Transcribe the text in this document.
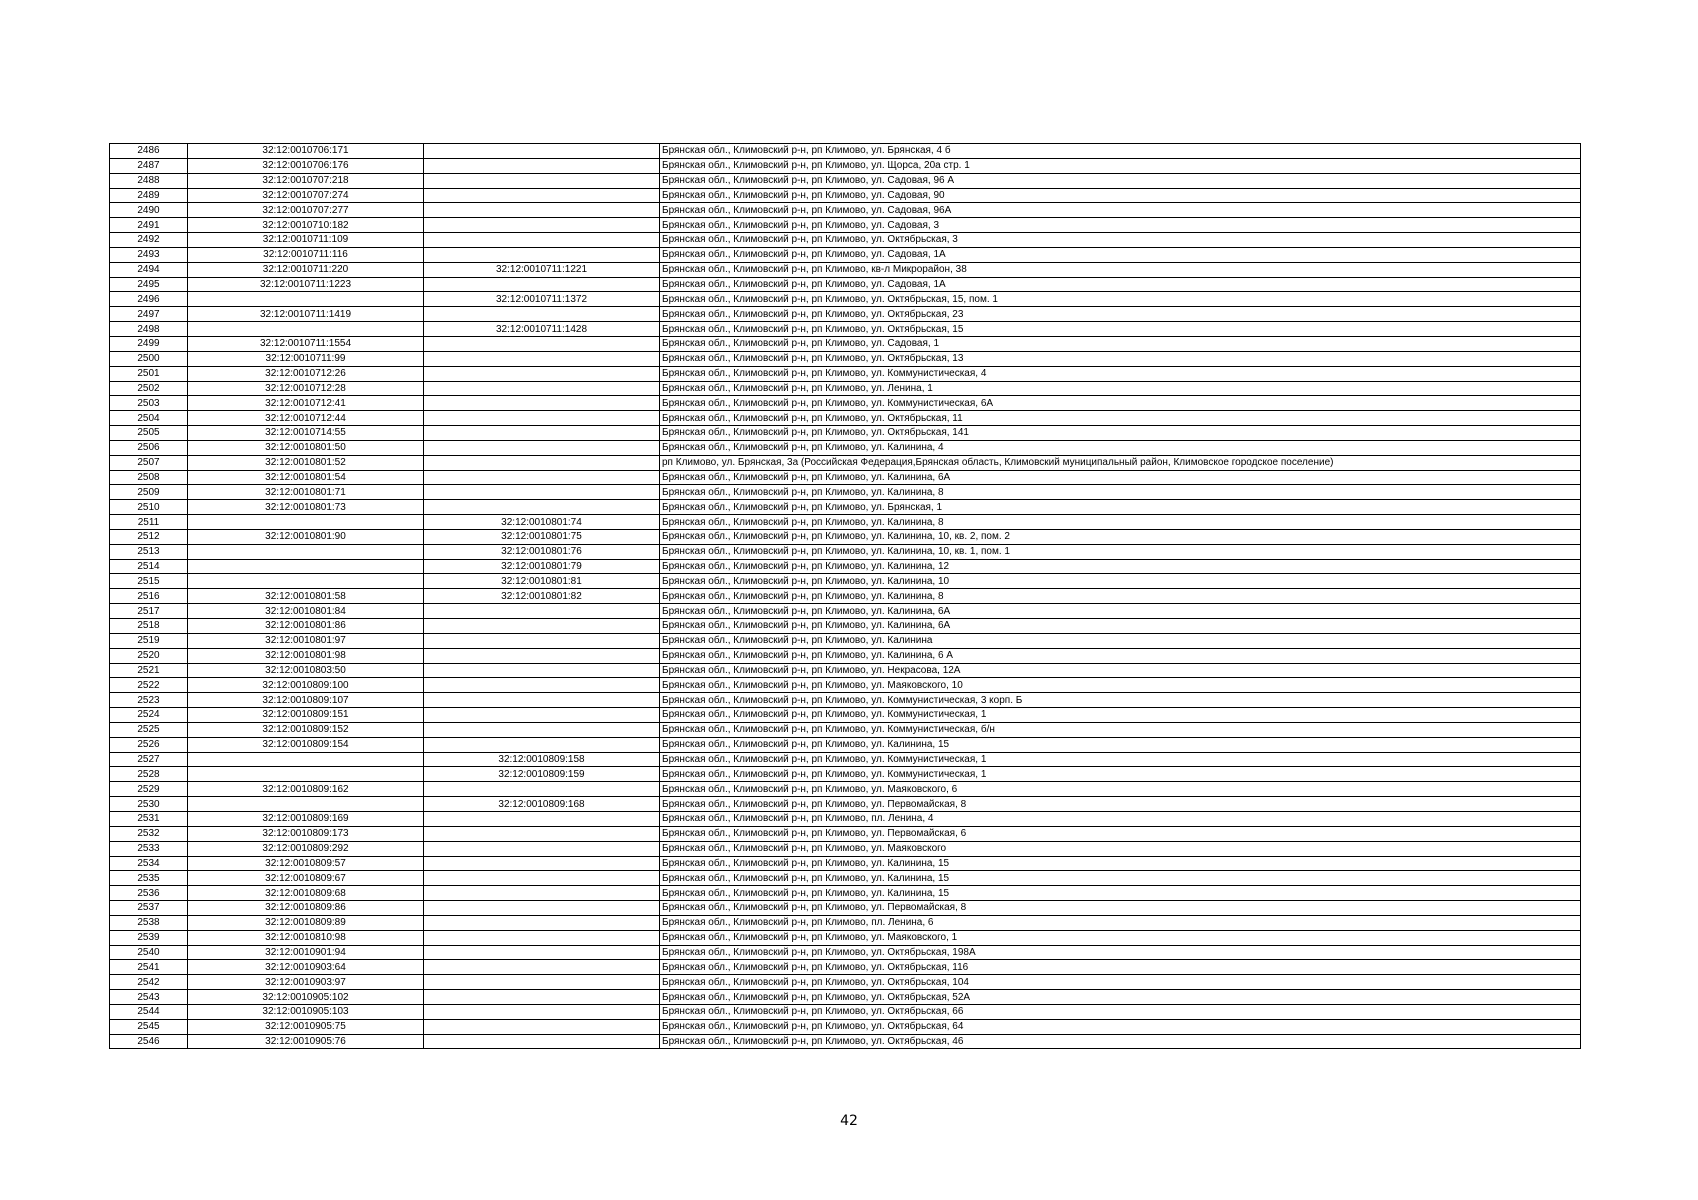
2486	32:12:0010706:171		Брянская обл., Климовский р-н, рп Климово, ул. Брянская, 4 б
2487	32:12:0010706:176		Брянская обл., Климовский р-н, рп Климово, ул. Щорса, 20а стр. 1
2488	32:12:0010707:218		Брянская обл., Климовский р-н, рп Климово, ул. Садовая, 96 А
2489	32:12:0010707:274		Брянская обл., Климовский р-н, рп Климово, ул. Садовая, 90
2490	32:12:0010707:277		Брянская обл., Климовский р-н, рп Климово, ул. Садовая, 96А
2491	32:12:0010710:182		Брянская обл., Климовский р-н, рп Климово, ул. Садовая, 3
2492	32:12:0010711:109		Брянская обл., Климовский р-н, рп Климово, ул. Октябрьская, 3
2493	32:12:0010711:116		Брянская обл., Климовский р-н, рп Климово, ул. Садовая, 1А
2494	32:12:0010711:220	32:12:0010711:1221	Брянская обл., Климовский р-н, рп Климово, кв-л Микрорайон, 38
2495	32:12:0010711:1223		Брянская обл., Климовский р-н, рп Климово, ул. Садовая, 1А
2496		32:12:0010711:1372	Брянская обл., Климовский р-н, рп Климово, ул. Октябрьская, 15, пом. 1
2497	32:12:0010711:1419		Брянская обл., Климовский р-н, рп Климово, ул. Октябрьская, 23
2498		32:12:0010711:1428	Брянская обл., Климовский р-н, рп Климово, ул. Октябрьская, 15
2499	32:12:0010711:1554		Брянская обл., Климовский р-н, рп Климово, ул. Садовая, 1
2500	32:12:0010711:99		Брянская обл., Климовский р-н, рп Климово, ул. Октябрьская, 13
2501	32:12:0010712:26		Брянская обл., Климовский р-н, рп Климово, ул. Коммунистическая, 4
2502	32:12:0010712:28		Брянская обл., Климовский р-н, рп Климово, ул. Ленина, 1
2503	32:12:0010712:41		Брянская обл., Климовский р-н, рп Климово, ул. Коммунистическая, 6А
2504	32:12:0010712:44		Брянская обл., Климовский р-н, рп Климово, ул. Октябрьская, 11
2505	32:12:0010714:55		Брянская обл., Климовский р-н, рп Климово, ул. Октябрьская, 141
2506	32:12:0010801:50		Брянская обл., Климовский р-н, рп Климово, ул. Калинина, 4
2507	32:12:0010801:52		рп Климово, ул. Брянская, 3а (Российская Федерация,Брянская область, Климовский муниципальный район, Климовское городское поселение)
2508	32:12:0010801:54		Брянская обл., Климовский р-н, рп Климово, ул. Калинина, 6А
2509	32:12:0010801:71		Брянская обл., Климовский р-н, рп Климово, ул. Калинина, 8
2510	32:12:0010801:73		Брянская обл., Климовский р-н, рп Климово, ул. Брянская, 1
2511		32:12:0010801:74	Брянская обл., Климовский р-н, рп Климово, ул. Калинина, 8
2512	32:12:0010801:90	32:12:0010801:75	Брянская обл., Климовский р-н, рп Климово, ул. Калинина, 10, кв. 2, пом. 2
2513		32:12:0010801:76	Брянская обл., Климовский р-н, рп Климово, ул. Калинина, 10, кв. 1, пом. 1
2514		32:12:0010801:79	Брянская обл., Климовский р-н, рп Климово, ул. Калинина, 12
2515		32:12:0010801:81	Брянская обл., Климовский р-н, рп Климово, ул. Калинина, 10
2516	32:12:0010801:58	32:12:0010801:82	Брянская обл., Климовский р-н, рп Климово, ул. Калинина, 8
2517	32:12:0010801:84		Брянская обл., Климовский р-н, рп Климово, ул. Калинина, 6А
2518	32:12:0010801:86		Брянская обл., Климовский р-н, рп Климово, ул. Калинина, 6А
2519	32:12:0010801:97		Брянская обл., Климовский р-н, рп Климово, ул. Калинина
2520	32:12:0010801:98		Брянская обл., Климовский р-н, рп Климово, ул. Калинина, 6 А
2521	32:12:0010803:50		Брянская обл., Климовский р-н, рп Климово, ул. Некрасова, 12А
2522	32:12:0010809:100		Брянская обл., Климовский р-н, рп Климово, ул. Маяковского, 10
2523	32:12:0010809:107		Брянская обл., Климовский р-н, рп Климово, ул. Коммунистическая, 3 корп. Б
2524	32:12:0010809:151		Брянская обл., Климовский р-н, рп Климово, ул. Коммунистическая, 1
2525	32:12:0010809:152		Брянская обл., Климовский р-н, рп Климово, ул. Коммунистическая, б/н
2526	32:12:0010809:154		Брянская обл., Климовский р-н, рп Климово, ул. Калинина, 15
2527		32:12:0010809:158	Брянская обл., Климовский р-н, рп Климово, ул. Коммунистическая, 1
2528		32:12:0010809:159	Брянская обл., Климовский р-н, рп Климово, ул. Коммунистическая, 1
2529	32:12:0010809:162		Брянская обл., Климовский р-н, рп Климово, ул. Маяковского, 6
2530		32:12:0010809:168	Брянская обл., Климовский р-н, рп Климово, ул. Первомайская, 8
2531	32:12:0010809:169		Брянская обл., Климовский р-н, рп Климово, пл. Ленина, 4
2532	32:12:0010809:173		Брянская обл., Климовский р-н, рп Климово, ул. Первомайская, 6
2533	32:12:0010809:292		Брянская обл., Климовский р-н, рп Климово, ул. Маяковского
2534	32:12:0010809:57		Брянская обл., Климовский р-н, рп Климово, ул. Калинина, 15
2535	32:12:0010809:67		Брянская обл., Климовский р-н, рп Климово, ул. Калинина, 15
2536	32:12:0010809:68		Брянская обл., Климовский р-н, рп Климово, ул. Калинина, 15
2537	32:12:0010809:86		Брянская обл., Климовский р-н, рп Климово, ул. Первомайская, 8
2538	32:12:0010809:89		Брянская обл., Климовский р-н, рп Климово, пл. Ленина, 6
2539	32:12:0010810:98		Брянская обл., Климовский р-н, рп Климово, ул. Маяковского, 1
2540	32:12:0010901:94		Брянская обл., Климовский р-н, рп Климово, ул. Октябрьская, 198А
2541	32:12:0010903:64		Брянская обл., Климовский р-н, рп Климово, ул. Октябрьская, 116
2542	32:12:0010903:97		Брянская обл., Климовский р-н, рп Климово, ул. Октябрьская, 104
2543	32:12:0010905:102		Брянская обл., Климовский р-н, рп Климово, ул. Октябрьская, 52А
2544	32:12:0010905:103		Брянская обл., Климовский р-н, рп Климово, ул. Октябрьская, 66
2545	32:12:0010905:75		Брянская обл., Климовский р-н, рп Климово, ул. Октябрьская, 64
2546	32:12:0010905:76		Брянская обл., Климовский р-н, рп Климово, ул. Октябрьская, 46
42
